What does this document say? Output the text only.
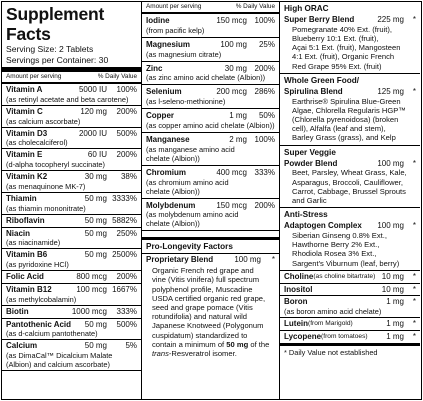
Supplement Facts
Serving Size: 2 Tablets
Servings per Container: 30
Amount per serving	% Daily Value
Vitamin A	5000 IU	100%
(as retinyl acetate and beta carotene)
Vitamin C	120 mg	200%
(as calcium ascorbate)
Vitamin D3	2000 IU	500%
(as cholecalciferol)
Vitamin E	60 IU	200%
(d-alpha tocopheryl succinate)
Vitamin K2	30 mg	38%
(as menaquinone MK-7)
Thiamin	50 mg 3333%
(as thiamin mononitrate)
Riboflavin	50 mg 5882%
Niacin	50 mg	250%
(as niacinamide)
Vitamin B6	50 mg 2500%
(as pyridoxine HCl)
Folic Acid	800 mcg	200%
Vitamin B12	100 mcg 1667%
(as methylcobalamin)
Biotin	1000 mcg	333%
Pantothenic Acid	50 mg	500%
(as d-calcium pantothenate)
Calcium	50 mg	5%
(as DimaCal™ Dicalcium Malate
(Albion) and calcium ascorbate)
Amount per serving	% Daily Value
Iodine	150 mcg 100%
(from pacific kelp)
Magnesium	100 mg	25%
(as magnesium citrate)
Zinc	30 mg 200%
(as zinc amino acid chelate (Albion))
Selenium	200 mcg 286%
(as l-seleno-methionine)
Copper	1 mg	50%
(as copper amino acid chelate (Albion))
Manganese	2 mg 100%
(as manganese amino acid
chelate (Albion))
Chromium	400 mcg 333%
(as chromium amino acid
chelate (Albion))
Molybdenum	150 mcg 200%
(as molybdenum amino acid
chelate (Albion))
Pro-Longevity Factors
Proprietary Blend	100 mg	*
Organic French red grape and
vine (Vitis vinifera) full spectrum
polyphenol profile, Muscadine
USDA certified organic red grape,
seed and grape pomace (Vitis
rotundifolia) and natural wild
Japanese Knotweed (Polygonum
cuspidatum) standardized to
contain a minimum of 50 mg of the
trans-Resveratrol isomer.
High ORAC
Super Berry Blend	225 mg	*
Pomegranate 40% Ext. (fruit),
Blueberry 10:1 Ext. (fruit),
Açai 5:1 Ext. (fruit), Mangosteen
4:1 Ext. (fruit), Organic French
Red Grape 95% Ext. (fruit)
Whole Green Food/
Spirulina Blend	125 mg	*
Earthrise® Spirulina Blue-Green
Algae, Chlorella Regularis HGP™
(Chlorella pyrenoidosa) (broken
cell), Alfalfa (leaf and stem),
Barley Grass (grass), and Kelp
Super Veggie
Powder Blend	100 mg	*
Beet, Parsley, Wheat Grass, Kale,
Asparagus, Broccoli, Cauliflower,
Carrot, Cabbage, Brussel Sprouts
and Garlic
Anti-Stress
Adaptogen Complex	100 mg	*
Siberian Ginseng 0.8% Ext.,
Hawthorne Berry 2% Ext.,
Rhodiola Rosea 3% Ext.,
Sargent's Viburnum (leaf, berry)
Choline (as choline bitartrate) 10 mg	*
Inositol	10 mg	*
Boron	1 mg	*
(as boron amino acid chelate)
Lutein (from Marigold)	1 mg	*
Lycopene (from tomatoes)	1 mg	*
* Daily Value not established
